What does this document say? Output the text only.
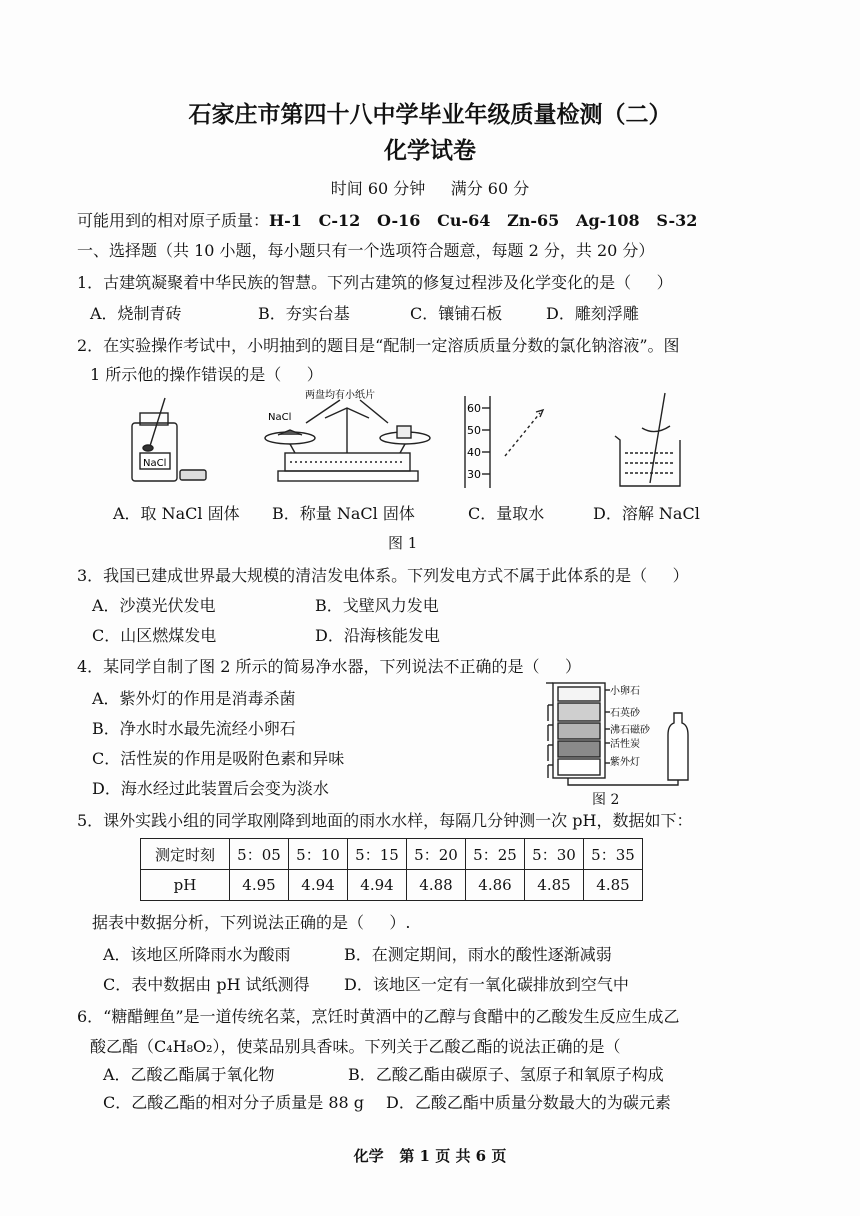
石家庄市第四十八中学毕业年级质量检测（二）
化学试卷
时间 60 分钟     满分 60 分
可能用到的相对原子质量：H-1   C-12   O-16   Cu-64   Zn-65   Ag-108   S-32
一、选择题（共 10 小题，每小题只有一个选项符合题意，每题 2 分，共 20 分）
1．古建筑凝聚着中华民族的智慧。下列古建筑的修复过程涉及化学变化的是（     ）
A．烧制青砖	B．夯实台基	C．镶铺石板	D．雕刻浮雕
2．在实验操作考试中，小明抽到的题目是“配制一定溶质质量分数的氯化钠溶液”。图
1 所示他的操作错误的是（     ）
NaCl
NaCl
两盘均有小纸片
60
50
40
30
A．取 NaCl 固体 B．称量 NaCl 固体	C．量取水	D．溶解 NaCl
图 1
3．我国已建成世界最大规模的清洁发电体系。下列发电方式不属于此体系的是（     ）
A．沙漠光伏发电	B．戈壁风力发电
C．山区燃煤发电	D．沿海核能发电
4．某同学自制了图 2 所示的简易净水器，下列说法不正确的是（     ）
A．紫外灯的作用是消毒杀菌
B．净水时水最先流经小卵石
C．活性炭的作用是吸附色素和异味
D．海水经过此装置后会变为淡水
小卵石
石英砂
沸石磁砂
活性炭
紫外灯
图 2
5．课外实践小组的同学取刚降到地面的雨水水样，每隔几分钟测一次 pH，数据如下：
测定时刻	5：05	5：10	5：15	5：20	5：25	5：30	5：35
pH	4.95	4.94	4.94	4.88	4.86	4.85	4.85
据表中数据分析，下列说法正确的是（     ）.
A．该地区所降雨水为酸雨	B．在测定期间，雨水的酸性逐渐减弱
C．表中数据由 pH 试纸测得 D．该地区一定有一氧化碳排放到空气中
6．“糖醋鲤鱼”是一道传统名菜，烹饪时黄酒中的乙醇与食醋中的乙酸发生反应生成乙
酸乙酯（C₄H₈O₂），使菜品别具香味。下列关于乙酸乙酯的说法正确的是（
A．乙酸乙酯属于氧化物	B．乙酸乙酯由碳原子、氢原子和氧原子构成
C．乙酸乙酯的相对分子质量是 88 g D．乙酸乙酯中质量分数最大的为碳元素
化学   第 1 页 共 6 页
